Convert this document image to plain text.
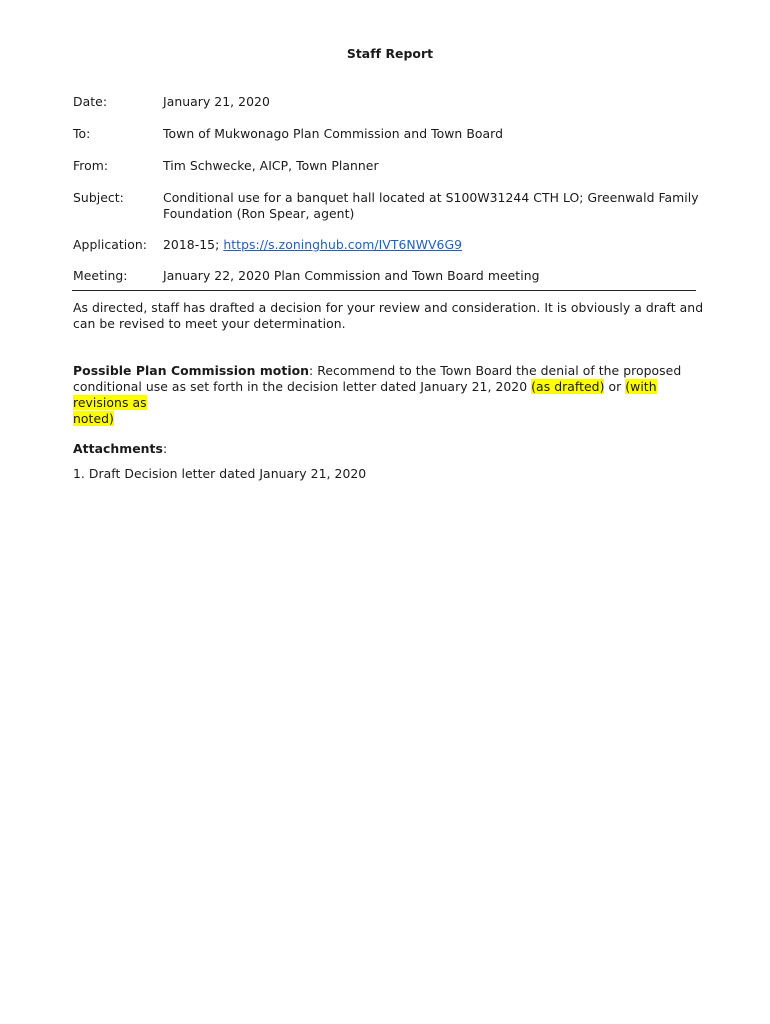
Staff Report
Date:	January 21, 2020
To:	Town of Mukwonago Plan Commission and Town Board
From:	Tim Schwecke, AICP, Town Planner
Subject:	Conditional use for a banquet hall located at S100W31244 CTH LO; Greenwald Family
Foundation (Ron Spear, agent)
Application: 2018-15; https://s.zoninghub.com/IVT6NWV6G9
Meeting:	January 22, 2020 Plan Commission and Town Board meeting
As directed, staff has drafted a decision for your review and consideration. It is obviously a draft and
can be revised to meet your determination.
Possible Plan Commission motion: Recommend to the Town Board the denial of the proposed
conditional use as set forth in the decision letter dated January 21, 2020 (as drafted) or (with revisions as
noted)
Attachments:
1. Draft Decision letter dated January 21, 2020
